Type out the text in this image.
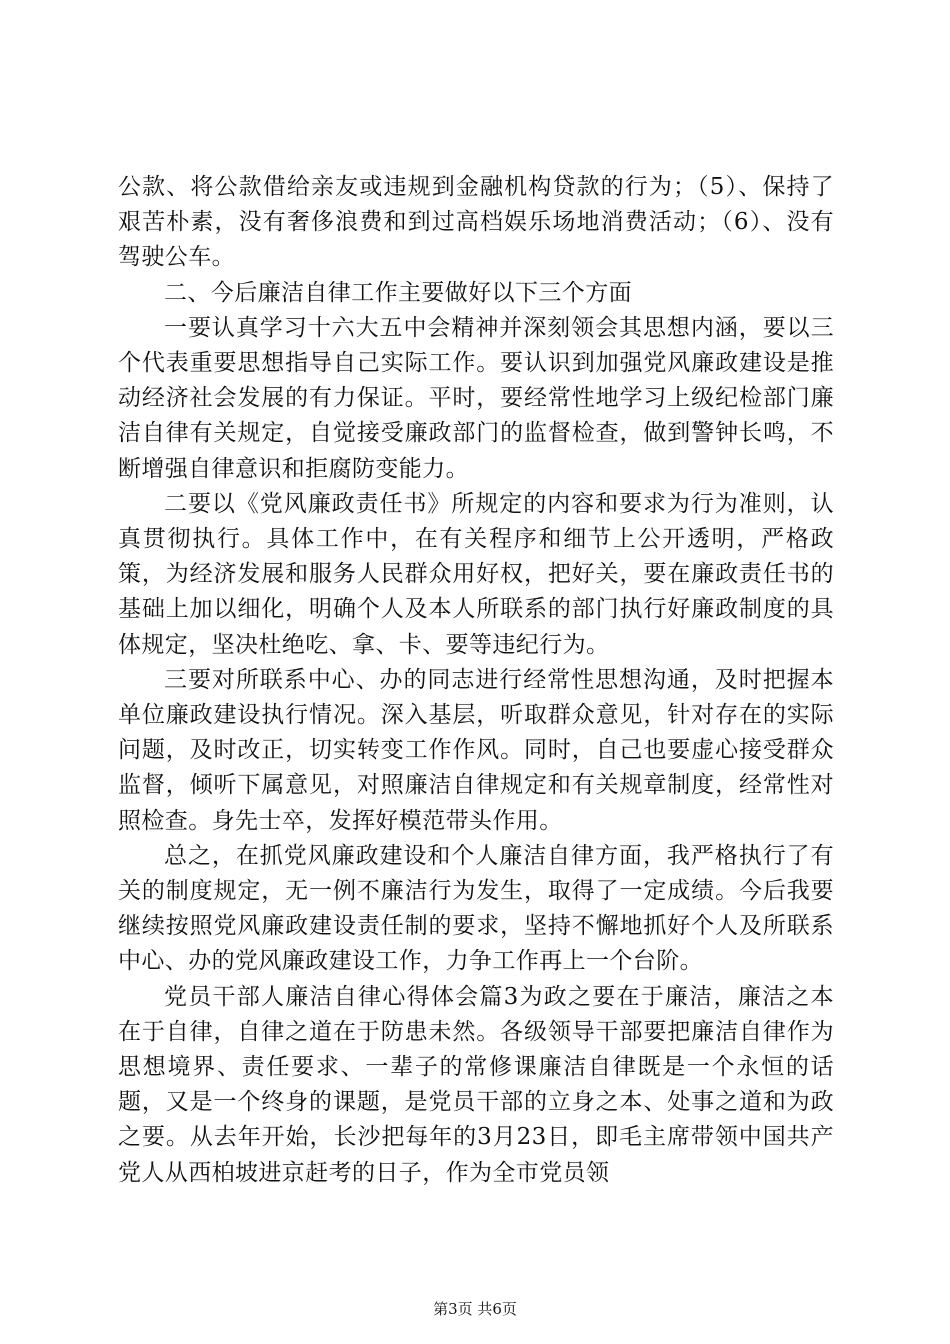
公款、将公款借给亲友或违规到金融机构贷款的行为；（5）、保持了艰苦朴素，没有奢侈浪费和到过高档娱乐场地消费活动；（6）、没有驾驶公车。

二、今后廉洁自律工作主要做好以下三个方面

一要认真学习十六大五中会精神并深刻领会其思想内涵，要以三个代表重要思想指导自己实际工作。要认识到加强党风廉政建设是推动经济社会发展的有力保证。平时，要经常性地学习上级纪检部门廉洁自律有关规定，自觉接受廉政部门的监督检查，做到警钟长鸣，不断增强自律意识和拒腐防变能力。

二要以《党风廉政责任书》所规定的内容和要求为行为准则，认真贯彻执行。具体工作中，在有关程序和细节上公开透明，严格政策，为经济发展和服务人民群众用好权，把好关，要在廉政责任书的基础上加以细化，明确个人及本人所联系的部门执行好廉政制度的具体规定，坚决杜绝吃、拿、卡、要等违纪行为。

三要对所联系中心、办的同志进行经常性思想沟通，及时把握本单位廉政建设执行情况。深入基层，听取群众意见，针对存在的实际问题，及时改正，切实转变工作作风。同时，自己也要虚心接受群众监督，倾听下属意见，对照廉洁自律规定和有关规章制度，经常性对照检查。身先士卒，发挥好模范带头作用。

总之，在抓党风廉政建设和个人廉洁自律方面，我严格执行了有关的制度规定，无一例不廉洁行为发生，取得了一定成绩。今后我要继续按照党风廉政建设责任制的要求，坚持不懈地抓好个人及所联系中心、办的党风廉政建设工作，力争工作再上一个台阶。

党员干部人廉洁自律心得体会篇3为政之要在于廉洁，廉洁之本在于自律，自律之道在于防患未然。各级领导干部要把廉洁自律作为思想境界、责任要求、一辈子的常修课廉洁自律既是一个永恒的话题，又是一个终身的课题，是党员干部的立身之本、处事之道和为政之要。从去年开始，长沙把每年的3月23日，即毛主席带领中国共产党人从西柏坡进京赶考的日子，作为全市党员领

第3页 共6页
